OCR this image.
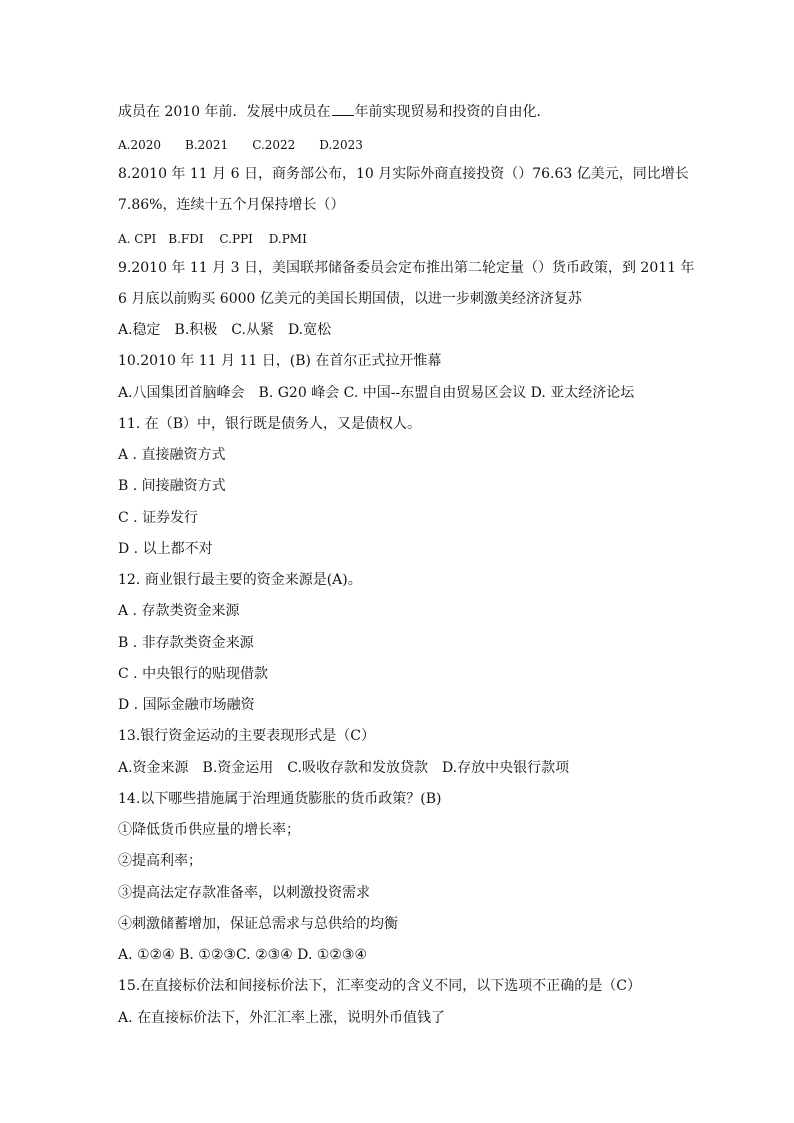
成员在 2010 年前．发展中成员在 年前实现贸易和投资的自由化．
A.2020　　B.2021　　C.2022　　D.2023
8.2010 年 11 月 6 日，商务部公布，10 月实际外商直接投资（）76.63 亿美元，同比增长
7.86%，连续十五个月保持增长（）
A. CPI　B.FDI　 C.PPI　 D.PMI
9.2010 年 11 月 3 日，美国联邦储备委员会定布推出第二轮定量（）货币政策，到 2011 年
6 月底以前购买 6000 亿美元的美国长期国债，以进一步刺激美经济济复苏
A.稳定　B.积极　C.从紧　D.宽松
10.2010 年 11 月 11 日，(B) 在首尔正式拉开惟幕
A.八国集团首脑峰会　B. G20 峰会 C. 中国--东盟自由贸易区会议 D. 亚太经济论坛
11. 在（B）中，银行既是债务人，又是债权人。
A . 直接融资方式
B . 间接融资方式
C . 证券发行
D . 以上都不对
12. 商业银行最主要的资金来源是(A)。
A . 存款类资金来源
B . 非存款类资金来源
C . 中央银行的贴现借款
D . 国际金融市场融资
13.银行资金运动的主要表现形式是（C）
A.资金来源　B.资金运用　C.吸收存款和发放贷款　D.存放中央银行款项
14.以下哪些措施属于治理通货膨胀的货币政策？(B)
①降低货币供应量的增长率；
②提高利率；
③提高法定存款准备率，以刺激投资需求
④刺激储蓄增加，保证总需求与总供给的均衡
A. ①②④ B. ①②③C. ②③④ D. ①②③④
15.在直接标价法和间接标价法下，汇率变动的含义不同，以下选项不正确的是（C）
A. 在直接标价法下，外汇汇率上涨，说明外币值钱了
